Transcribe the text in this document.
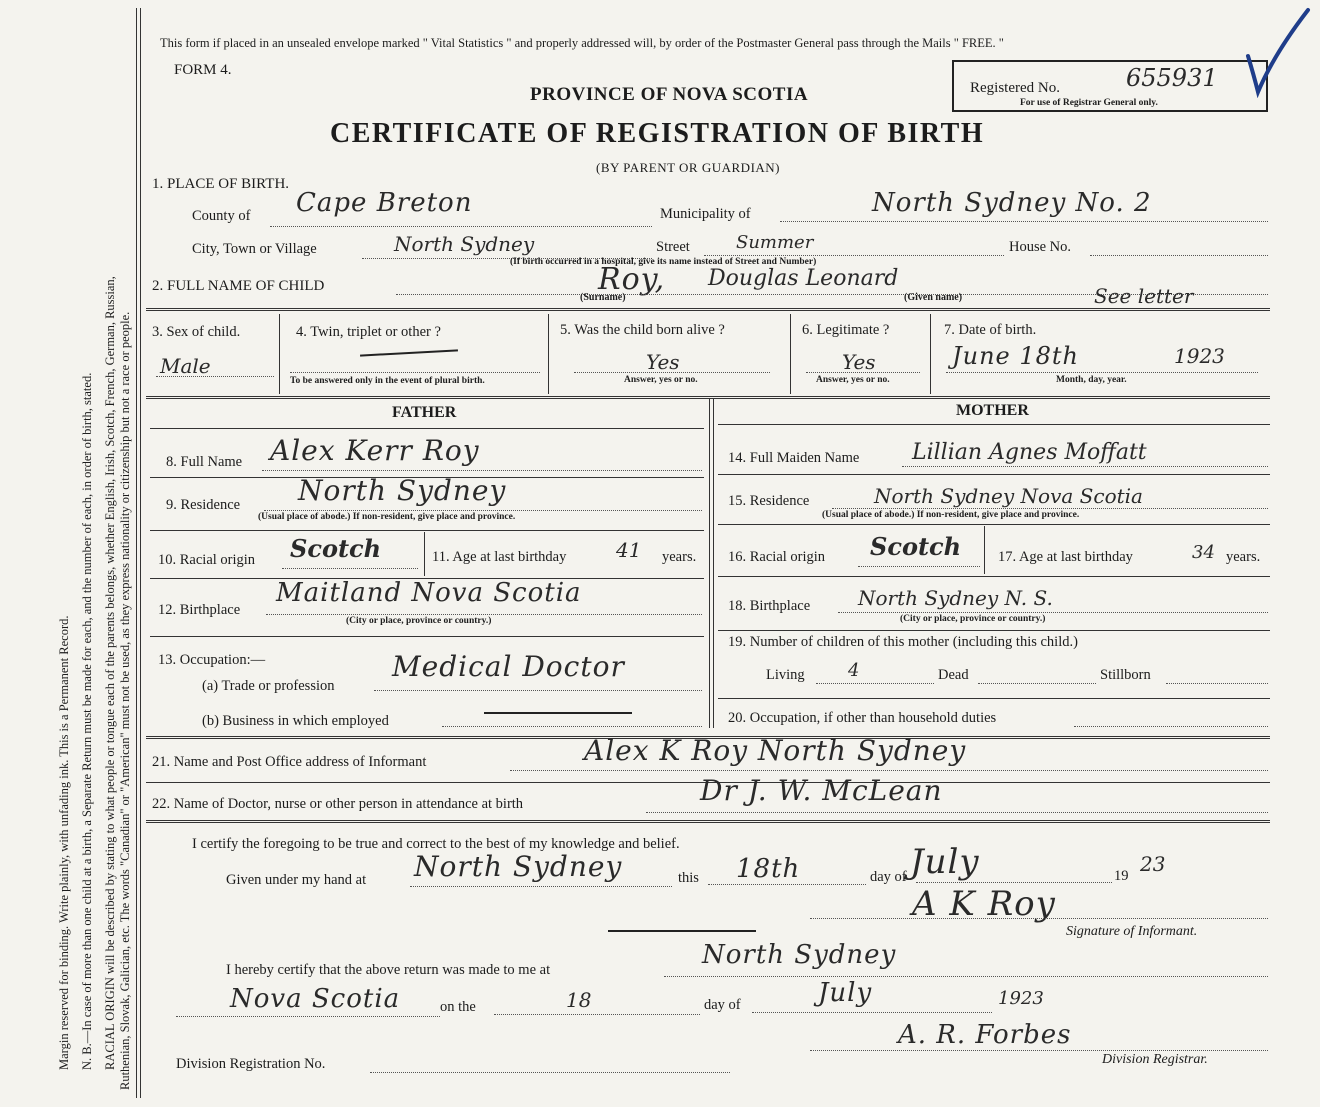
Margin reserved for binding. Write plainly, with unfading ink. This is a Permanent Record. N. B.—In case of more than one child at a birth, a Separate Return must be made for each, and the number of each, in order of birth, stated. RACIAL ORIGIN will be described by stating to what people or tongue each of the parents belongs, whether English, Irish, Scotch, French, German, Russian, Ruthenian, Slovak, Galician, etc. The words "Canadian" or "American" must not be used, as they express nationality or citizenship but not a race or people.
This form if placed in an unsealed envelope marked " Vital Statistics " and properly addressed will, by order of the Postmaster General pass through the Mails " FREE. "
FORM 4.
Registered No.	655931
For use of Registrar General only.
PROVINCE OF NOVA SCOTIA
CERTIFICATE OF REGISTRATION OF BIRTH
(BY PARENT OR GUARDIAN)
1. PLACE OF BIRTH.
County of Cape Breton	Municipality of	North Sydney No. 2
City, Town or Village	North Sydney	Street	Summer	House No.
(If birth occurred in a hospital, give its name instead of Street and Number)
2. FULL NAME OF CHILD	Roy, Douglas Leonard
(Surname)	(Given name)	See letter
3. Sex of child.
Male
4. Twin, triplet or other ?
To be answered only in the event of plural birth.
5. Was the child born alive ?
Yes
Answer, yes or no.
6. Legitimate ?
Yes
Answer, yes or no.
7. Date of birth.
June 18th	1923
Month, day, year.
FATHER
8. Full Name Alex Kerr Roy
9. Residence North Sydney
(Usual place of abode.) If non-resident, give place and province.
10. Racial origin Scotch	11. Age at last birthday 41 years.
12. Birthplace
Maitland Nova Scotia
(City or place, province or country.)
13. Occupation:—
(a) Trade or profession
Medical Doctor
(b) Business in which employed
MOTHER
14. Full Maiden Name Lillian Agnes Moffatt
15. Residence	North Sydney Nova Scotia
(Usual place of abode.) If non-resident, give place and province.
16. Racial origin Scotch	17. Age at last birthday	34 years.
18. Birthplace North Sydney N. S.
(City or place, province or country.)
19. Number of children of this mother (including this child.)
Living 4	Dead	Stillborn
20. Occupation, if other than household duties
21. Name and Post Office address of Informant	Alex K Roy North Sydney
22. Name of Doctor, nurse or other person in attendance at birth	Dr J. W. McLean
I certify the foregoing to be true and correct to the best of my knowledge and belief.
Given under my hand at North Sydney	this 18th	day of July	19 23
A K Roy
Signature of Informant.
I hereby certify that the above return was made to me at	North Sydney
Nova Scotia	on the	18	day of	July	1923
A. R. Forbes
Division Registrar.
Division Registration No.
